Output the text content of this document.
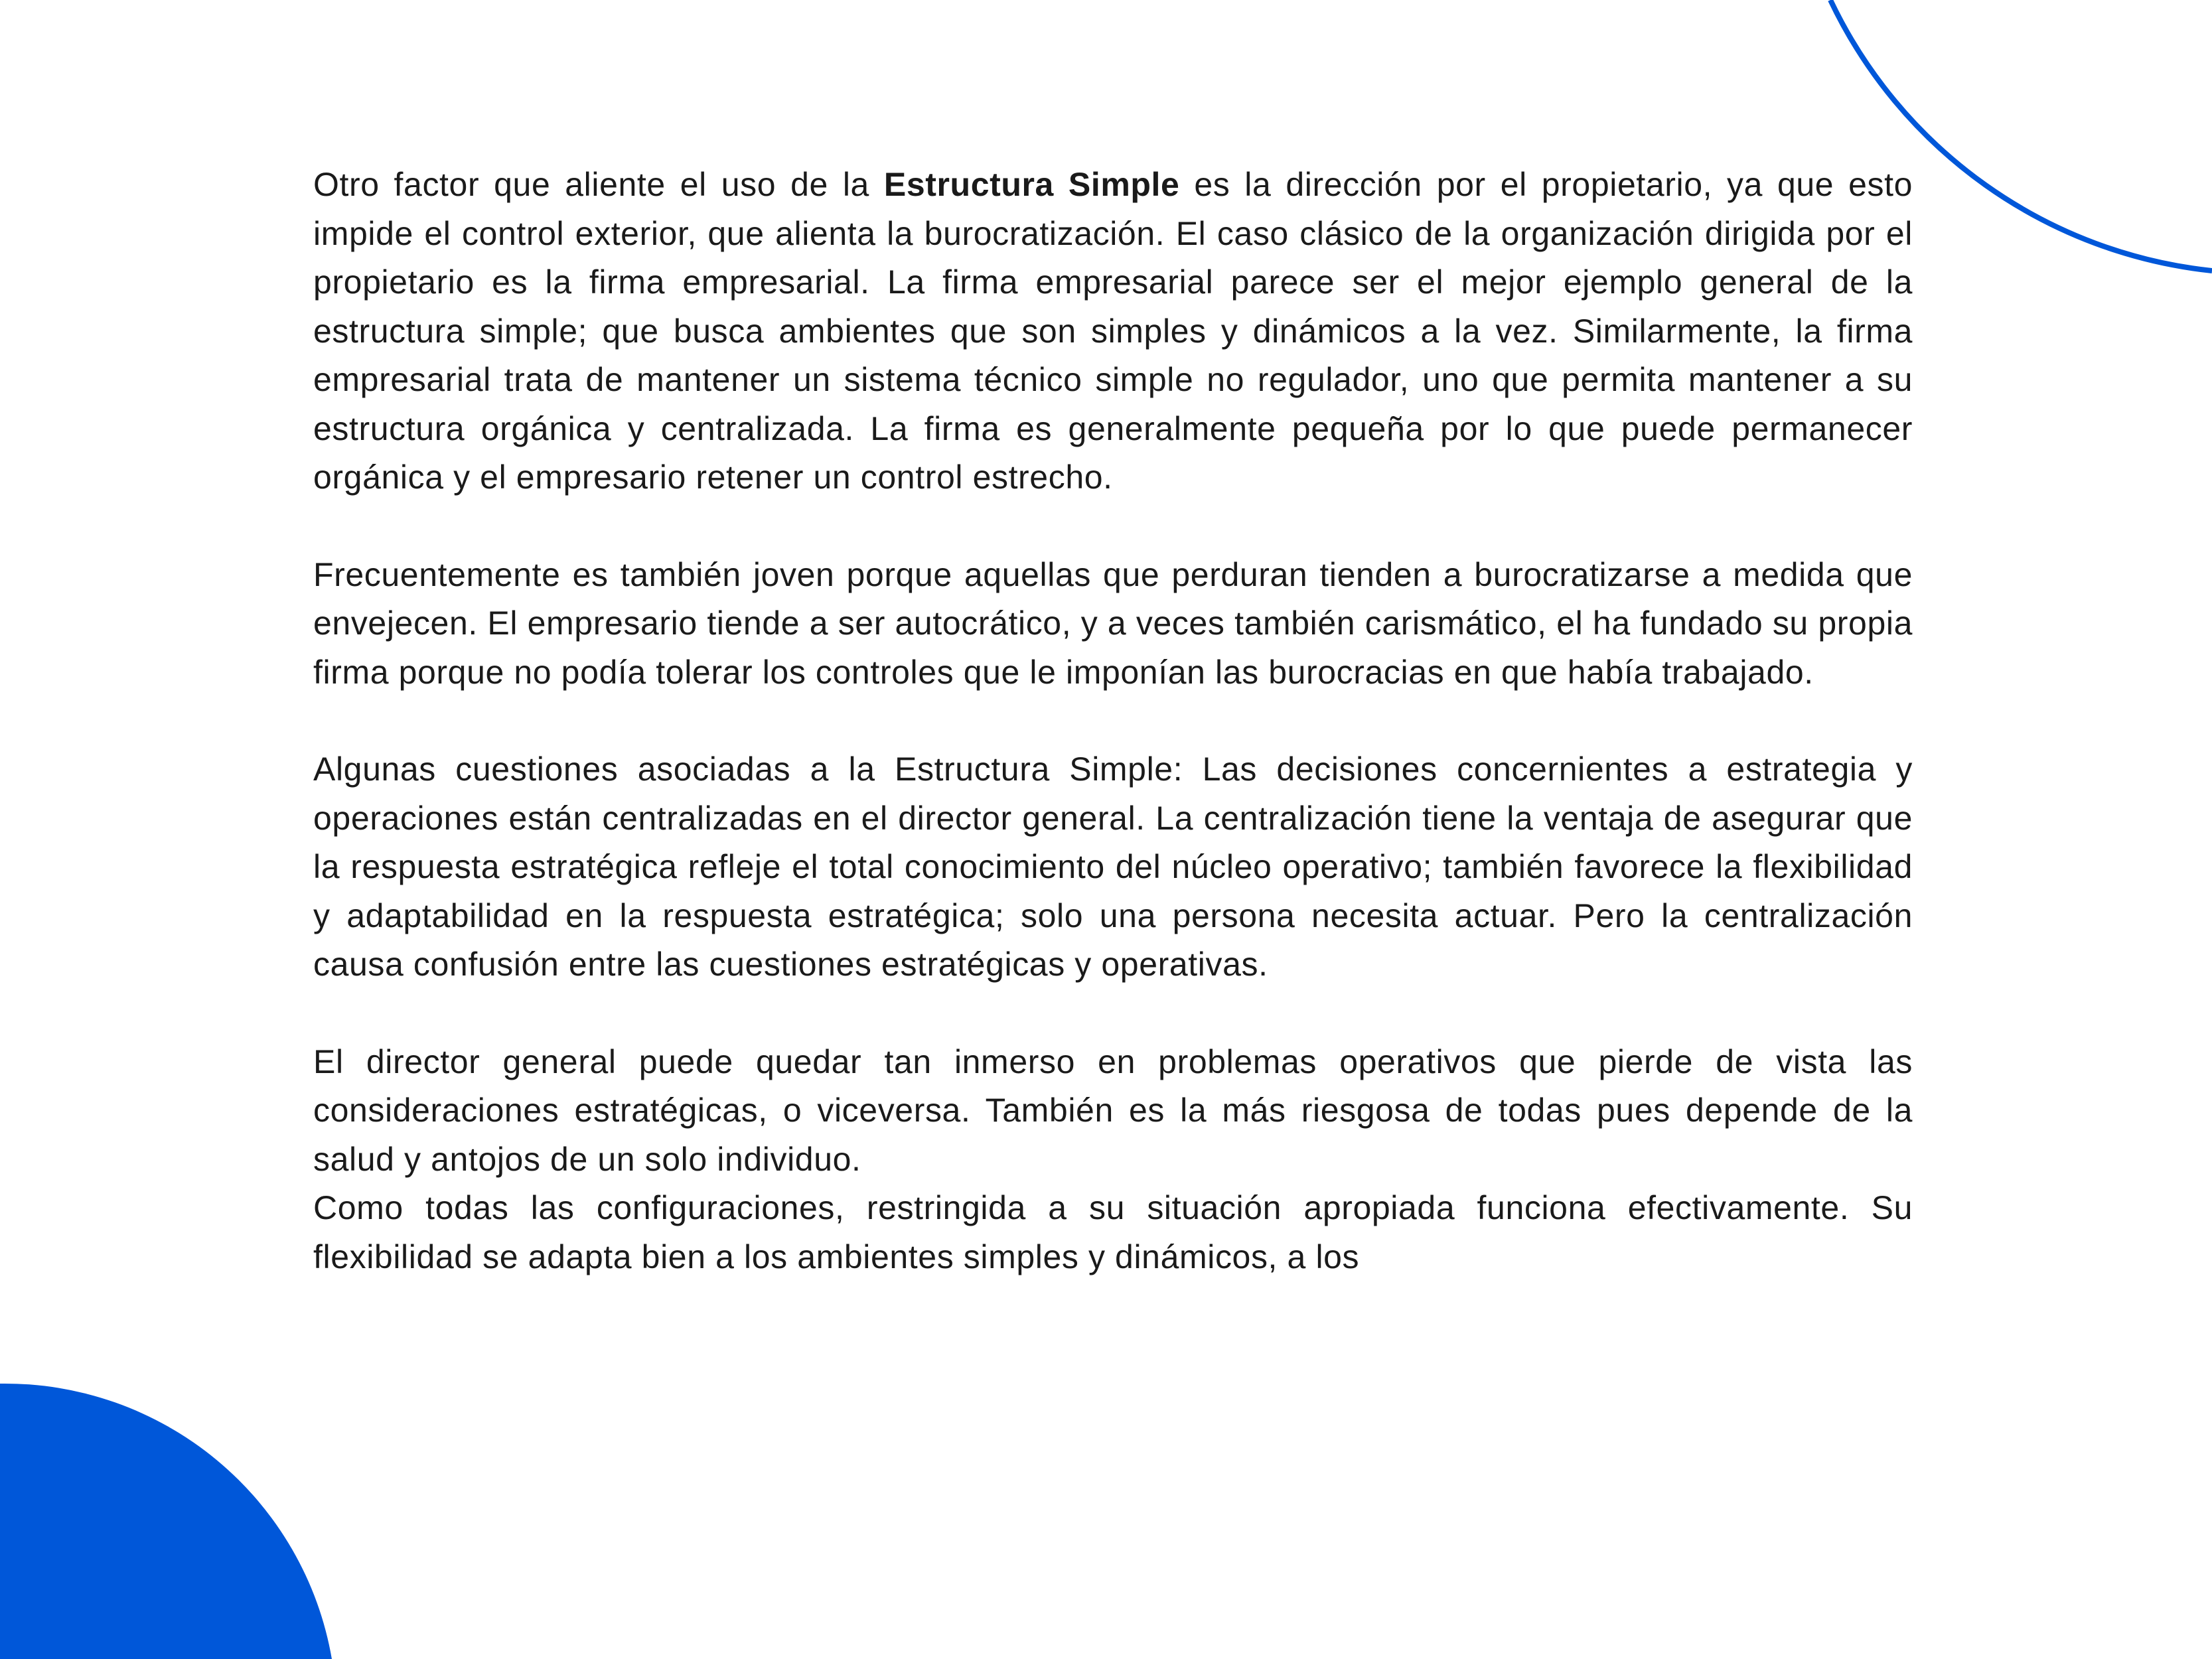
Otro factor que aliente el uso de la Estructura Simple es la dirección por el propietario, ya que esto impide el control exterior, que alienta la burocratización. El caso clásico de la organización dirigida por el propietario es la firma empresarial. La firma empresarial parece ser el mejor ejemplo general de la estructura simple; que busca ambientes que son simples y dinámicos a la vez. Similarmente, la firma empresarial trata de mantener un sistema técnico simple no regulador, uno que permita mantener a su estructura orgánica y centralizada. La firma es generalmente pequeña por lo que puede permanecer orgánica y el empresario retener un control estrecho.

Frecuentemente es también joven porque aquellas que perduran tienden a burocratizarse a medida que envejecen. El empresario tiende a ser autocrático, y a veces también carismático, el ha fundado su propia firma porque no podía tolerar los controles que le imponían las burocracias en que había trabajado.

Algunas cuestiones asociadas a la Estructura Simple: Las decisiones concernientes a estrategia y operaciones están centralizadas en el director general. La centralización tiene la ventaja de asegurar que la respuesta estratégica refleje el total conocimiento del núcleo operativo; también favorece la flexibilidad y adaptabilidad en la respuesta estratégica; solo una persona necesita actuar. Pero la centralización causa confusión entre las cuestiones estratégicas y operativas.

El director general puede quedar tan inmerso en problemas operativos que pierde de vista las consideraciones estratégicas, o viceversa. También es la más riesgosa de todas pues depende de la salud y antojos de un solo individuo.

Como todas las configuraciones, restringida a su situación apropiada funciona efectivamente. Su flexibilidad se adapta bien a los ambientes simples y dinámicos, a los
